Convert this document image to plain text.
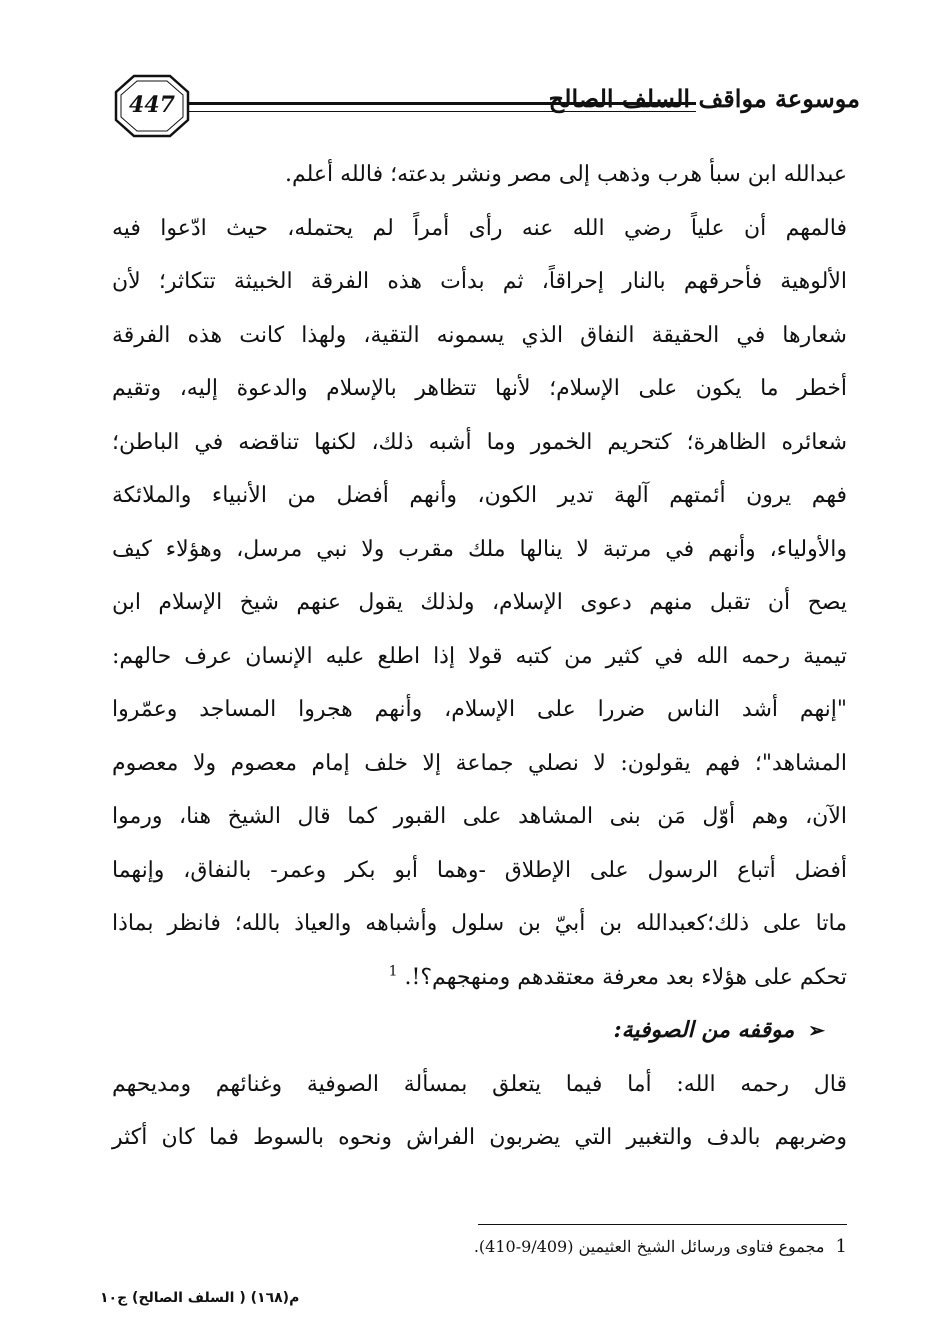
447	موسوعة مواقف السلف الصالح
عبدالله ابن سبأ هرب وذهب إلى مصر ونشر بدعته؛ فالله أعلم.
فالمهم أن علياً رضي الله عنه رأى أمراً لم يحتمله، حيث ادّعوا فيه
الألوهية فأحرقهم بالنار إحراقاً، ثم بدأت هذه الفرقة الخبيثة تتكاثر؛ لأن
شعارها في الحقيقة النفاق الذي يسمونه التقية، ولهذا كانت هذه الفرقة
أخطر ما يكون على الإسلام؛ لأنها تتظاهر بالإسلام والدعوة إليه، وتقيم
شعائره الظاهرة؛ كتحريم الخمور وما أشبه ذلك، لكنها تناقضه في الباطن؛
فهم يرون أئمتهم آلهة تدير الكون، وأنهم أفضل من الأنبياء والملائكة
والأولياء، وأنهم في مرتبة لا ينالها ملك مقرب ولا نبي مرسل، وهؤلاء كيف
يصح أن تقبل منهم دعوى الإسلام، ولذلك يقول عنهم شيخ الإسلام ابن
تيمية رحمه الله في كثير من كتبه قولا إذا اطلع عليه الإنسان عرف حالهم:
"إنهم أشد الناس ضررا على الإسلام، وأنهم هجروا المساجد وعمّروا
المشاهد"؛ فهم يقولون: لا نصلي جماعة إلا خلف إمام معصوم ولا معصوم
الآن، وهم أوّل مَن بنى المشاهد على القبور كما قال الشيخ هنا، ورموا
أفضل أتباع الرسول على الإطلاق -وهما أبو بكر وعمر- بالنفاق، وإنهما
ماتا على ذلك؛كعبدالله بن أبيّ بن سلول وأشباهه والعياذ بالله؛ فانظر بماذا
تحكم على هؤلاء بعد معرفة معتقدهم ومنهجهم؟!. $^1$
➢موقفه من الصوفية:
قال رحمه الله: أما فيما يتعلق بمسألة الصوفية وغنائهم ومديحهم
وضربهم بالدف والتغبير التي يضربون الفراش ونحوه بالسوط فما كان أكثر
1 مجموع فتاوى ورسائل الشيخ العثيمين (9/409-410).
م(١٦٨) ( السلف الصالح) ج١٠
